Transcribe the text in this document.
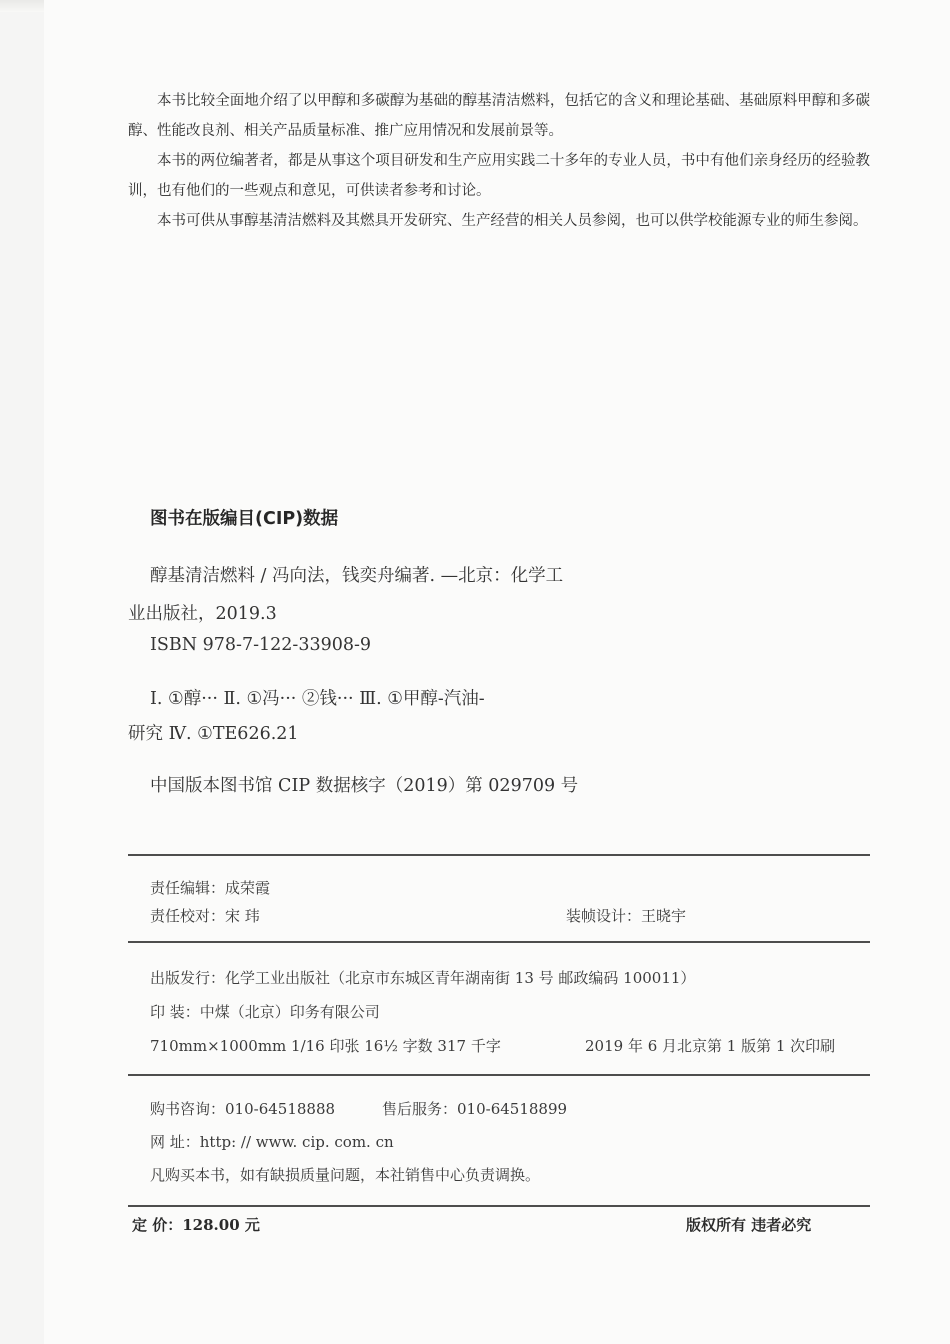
本书比较全面地介绍了以甲醇和多碳醇为基础的醇基清洁燃料，包括它的含义和理论基础、基础原料甲醇和多碳醇、性能改良剂、相关产品质量标准、推广应用情况和发展前景等。

本书的两位编著者，都是从事这个项目研发和生产应用实践二十多年的专业人员，书中有他们亲身经历的经验教训，也有他们的一些观点和意见，可供读者参考和讨论。

本书可供从事醇基清洁燃料及其燃具开发研究、生产经营的相关人员参阅，也可以供学校能源专业的师生参阅。

图书在版编目(CIP)数据
醇基清洁燃料 / 冯向法，钱奕舟编著. —北京：化学工
业出版社，2019.3
ISBN 978-7-122-33908-9
Ⅰ. ①醇··· Ⅱ. ①冯··· ②钱··· Ⅲ. ①甲醇-汽油-
研究 Ⅳ. ①TE626.21
中国版本图书馆 CIP 数据核字（2019）第 029709 号
责任编辑：成荣霞
责任校对：宋 玮	装帧设计：王晓宇
出版发行：化学工业出版社（北京市东城区青年湖南街 13 号 邮政编码 100011）
印 装：中煤（北京）印务有限公司
710mm×1000mm 1/16 印张 16½ 字数 317 千字	2019 年 6 月北京第 1 版第 1 次印刷
购书咨询：010-64518888	售后服务：010-64518899
网 址：http: // www. cip. com. cn
凡购买本书，如有缺损质量问题，本社销售中心负责调换。
定 价：128.00 元	版权所有 违者必究
